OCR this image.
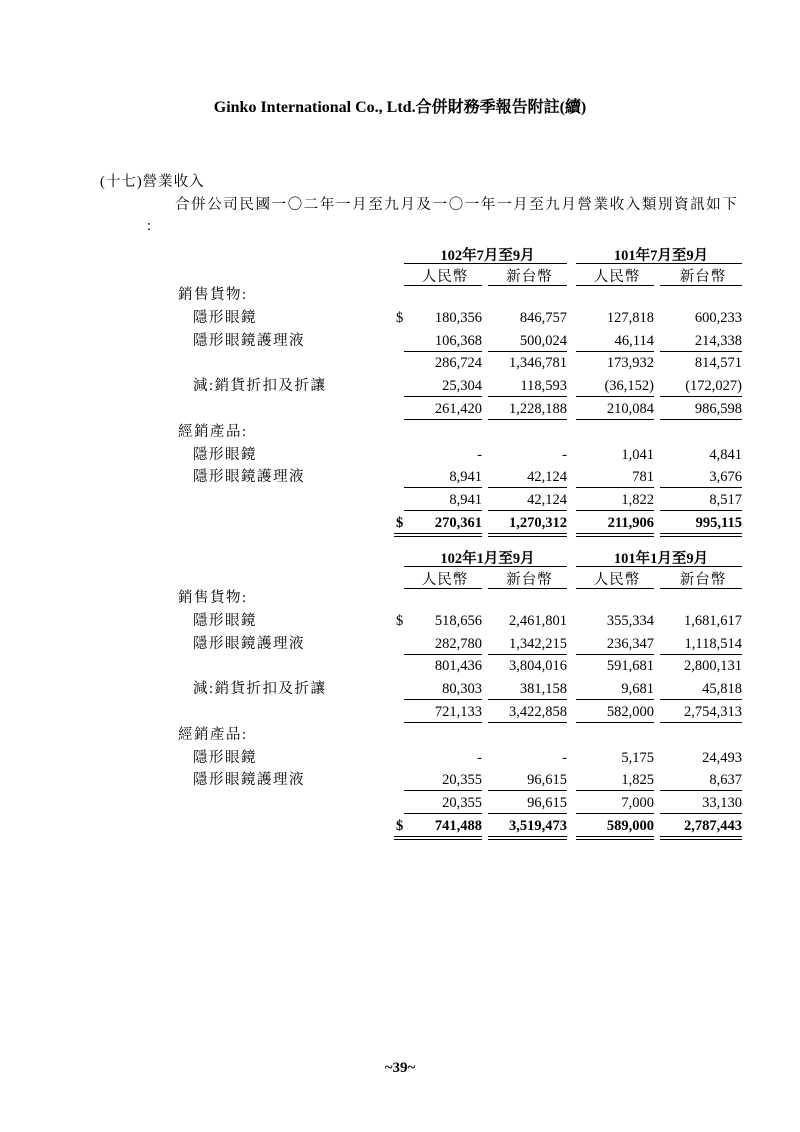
Ginko International Co., Ltd.合併財務季報告附註(續)
(十七)營業收入
合併公司民國一〇二年一月至九月及一〇一年一月至九月營業收入類別資訊如下
:
102年7月至9月	101年7月至9月
人民幣	新台幣	人民幣	新台幣
銷售貨物:
隱形眼鏡	$	180,356	846,757	127,818	600,233
隱形眼鏡護理液	106,368	500,024	46,114	214,338
286,724	1,346,781	173,932	814,571
減:銷貨折扣及折讓	25,304	118,593	(36,152)	(172,027)
261,420	1,228,188	210,084	986,598
經銷產品:
隱形眼鏡	-	-	1,041	4,841
隱形眼鏡護理液	8,941	42,124	781	3,676
8,941	42,124	1,822	8,517
$	270,361	1,270,312	211,906	995,115
102年1月至9月	101年1月至9月
人民幣	新台幣	人民幣	新台幣
銷售貨物:
隱形眼鏡	$	518,656	2,461,801	355,334	1,681,617
隱形眼鏡護理液	282,780	1,342,215	236,347	1,118,514
801,436	3,804,016	591,681	2,800,131
減:銷貨折扣及折讓	80,303	381,158	9,681	45,818
721,133	3,422,858	582,000	2,754,313
經銷產品:
隱形眼鏡	-	-	5,175	24,493
隱形眼鏡護理液	20,355	96,615	1,825	8,637
20,355	96,615	7,000	33,130
$	741,488	3,519,473	589,000	2,787,443
~39~
